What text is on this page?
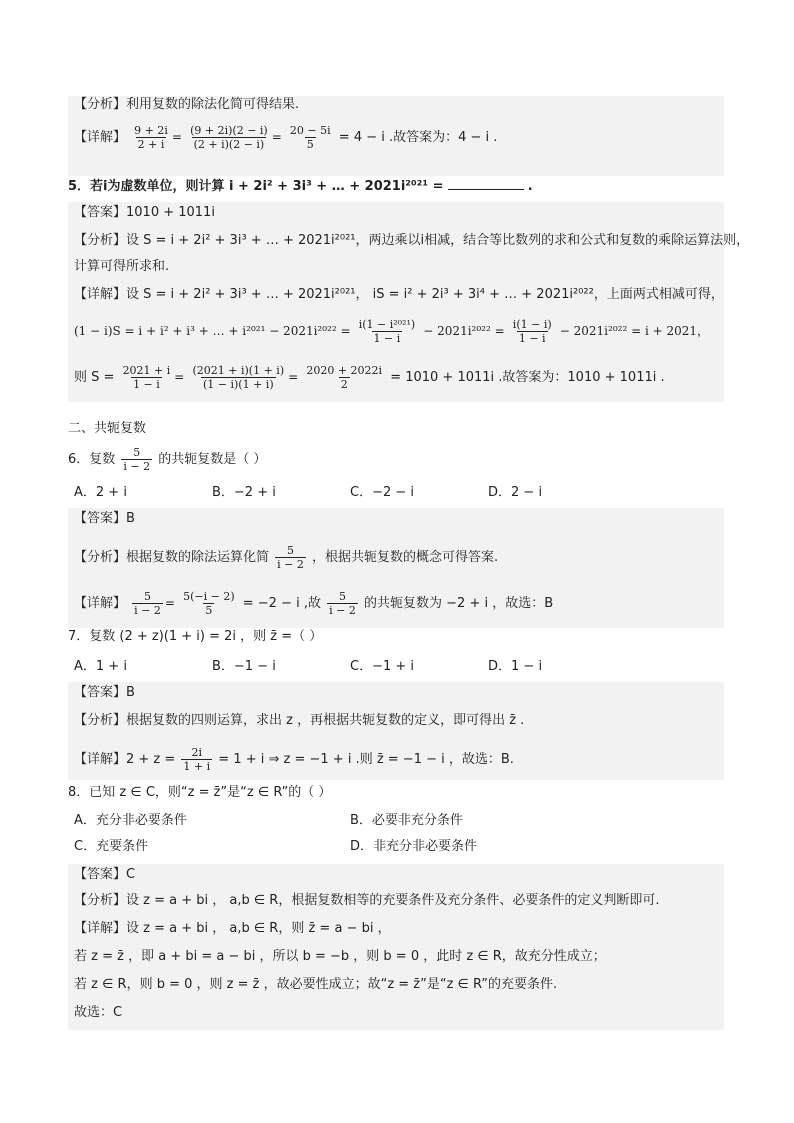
【分析】利用复数的除法化简可得结果.
【详解】 $\frac{9 + 2i}{2 + i} = \frac{(9 + 2i)(2 - i)}{(2 + i)(2 - i)} = \frac{20 - 5i}{5} = 4 - i$ .故答案为：4 − i .
5．若i为虚数单位，则计算 i + 2i² + 3i³ + … + 2021i²⁰²¹ =	.
【答案】1010 + 1011i
【分析】设 S = i + 2i² + 3i³ + … + 2021i²⁰²¹，两边乘以i相减，结合等比数列的求和公式和复数的乘除运算法则，
计算可得所求和.
【详解】设 S = i + 2i² + 3i³ + … + 2021i²⁰²¹， iS = i² + 2i³ + 3i⁴ + … + 2021i²⁰²²，上面两式相减可得，
(1 − i)S = i + i² + i³ + … + $i^{2021} - 2021i^{2022} = \frac{\text{i(1 − i²⁰²¹)}}{1 - i} - 2021i^{2022} = \frac{i(1 - i)}{1 - i} - 2021i^{2022} = i + 2021$，
则 $S = \frac{2021 + i}{1 - i} = \frac{(2021 + i)(1 + i)}{(1 - i)(1 + i)} = \frac{2020 + 2022i}{2} = 1010 + 1011i$ .故答案为：1010 + 1011i .
二、共轭复数
6．复数 $\frac{5}{i - 2}$ 的共轭复数是（ ）
A．2 + i	B．−2 + i	C．−2 − i	D．2 − i
【答案】B
【分析】根据复数的除法运算化简 $\frac{5}{i - 2}$ ，根据共轭复数的概念可得答案.
【详解】 $\frac{5}{i - 2} = \frac{5(-i - 2)}{5} = -2 - i$ ,故 $\frac{5}{i - 2}$ 的共轭复数为 −2 + i ，故选：B
7．复数 (2 + z)(1 + i) = 2i ，则 z̄ =（ ）
A．1 + i	B．−1 − i	C．−1 + i	D．1 − i
【答案】B
【分析】根据复数的四则运算，求出 z ，再根据共轭复数的定义，即可得出 z̄ .
【详解】$2 + z = \frac{2i}{1 + i} = 1 + i$ ⇒ z = −1 + i .则 z̄ = −1 − i ，故选：B.
8．已知 z ∈ C，则“z = z̄”是“z ∈ R”的（ ）
A．充分非必要条件	B．必要非充分条件
C．充要条件	D．非充分非必要条件
【答案】C
【分析】设 z = a + bi ， a,b ∈ R，根据复数相等的充要条件及充分条件、必要条件的定义判断即可.
【详解】设 z = a + bi ， a,b ∈ R，则 z̄ = a − bi ，
若 z = z̄ ，即 a + bi = a − bi ，所以 b = −b ，则 b = 0 ，此时 z ∈ R，故充分性成立；
若 z ∈ R，则 b = 0 ，则 z = z̄ ，故必要性成立；故“z = z̄”是“z ∈ R”的充要条件.
故选：C
